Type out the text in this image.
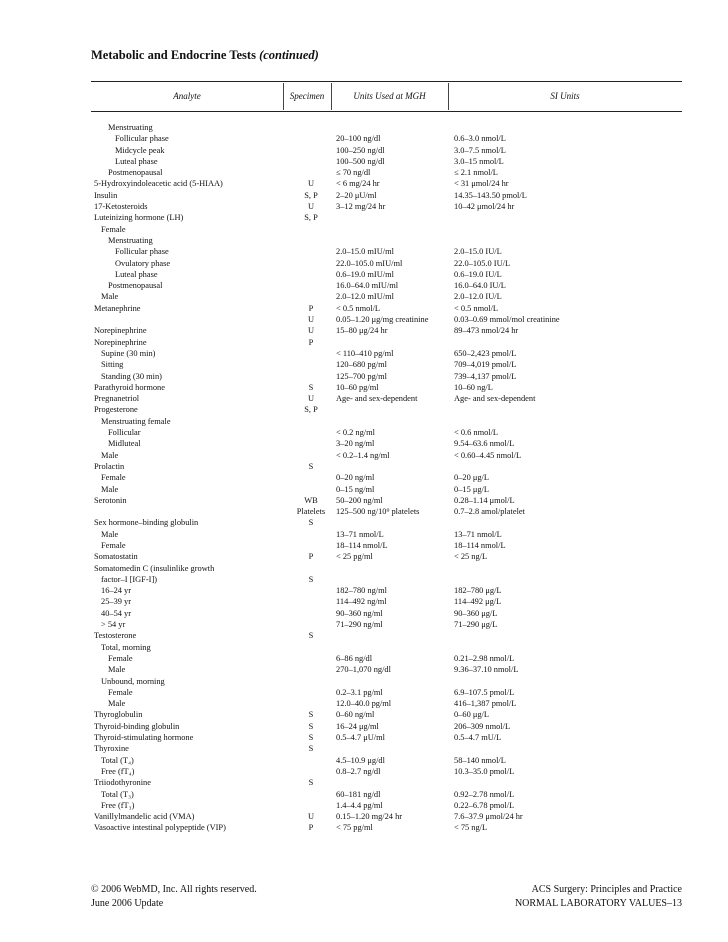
Metabolic and Endocrine Tests (continued)
Analyte	Specimen	Units Used at MGH	SI Units
Menstruating
Follicular phase	20–100 ng/dl	0.6–3.0 nmol/L
Midcycle peak	100–250 ng/dl	3.0–7.5 nmol/L
Luteal phase	100–500 ng/dl	3.0–15 nmol/L
Postmenopausal	≤ 70 ng/dl	≤ 2.1 nmol/L
5-Hydroxyindoleacetic acid (5-HIAA)	U	< 6 mg/24 hr	< 31 μmol/24 hr
Insulin	S, P	2–20 μU/ml	14.35–143.50 pmol/L
17-Ketosteroids	U	3–12 mg/24 hr	10–42 μmol/24 hr
Luteinizing hormone (LH)	S, P
Female
Menstruating
Follicular phase	2.0–15.0 mIU/ml	2.0–15.0 IU/L
Ovulatory phase	22.0–105.0 mIU/ml	22.0–105.0 IU/L
Luteal phase	0.6–19.0 mIU/ml	0.6–19.0 IU/L
Postmenopausal	16.0–64.0 mIU/ml	16.0–64.0 IU/L
Male	2.0–12.0 mIU/ml	2.0–12.0 IU/L
Metanephrine	P	< 0.5 nmol/L	< 0.5 nmol/L
U	0.05–1.20 μg/mg creatinine	0.03–0.69 mmol/mol creatinine
Norepinephrine	U	15–80 μg/24 hr	89–473 nmol/24 hr
Norepinephrine	P
Supine (30 min)	< 110–410 pg/ml	650–2,423 pmol/L
Sitting	120–680 pg/ml	709–4,019 pmol/L
Standing (30 min)	125–700 pg/ml	739–4,137 pmol/L
Parathyroid hormone	S	10–60 pg/ml	10–60 ng/L
Pregnanetriol	U	Age- and sex-dependent	Age- and sex-dependent
Progesterone	S, P
Menstruating female
Follicular	< 0.2 ng/ml	< 0.6 nmol/L
Midluteal	3–20 ng/ml	9.54–63.6 nmol/L
Male	< 0.2–1.4 ng/ml	< 0.60–4.45 nmol/L
Prolactin	S
Female	0–20 ng/ml	0–20 μg/L
Male	0–15 ng/ml	0–15 μg/L
Serotonin	WB	50–200 ng/ml	0.28–1.14 μmol/L
Platelets	125–500 ng/10⁹ platelets	0.7–2.8 amol/platelet
Sex hormone–binding globulin	S
Male	13–71 nmol/L	13–71 nmol/L
Female	18–114 nmol/L	18–114 nmol/L
Somatostatin	P	< 25 pg/ml	< 25 ng/L
Somatomedin C (insulinlike growth
factor–I [IGF-I])	S
16–24 yr	182–780 ng/ml	182–780 μg/L
25–39 yr	114–492 ng/ml	114–492 μg/L
40–54 yr	90–360 ng/ml	90–360 μg/L
> 54 yr	71–290 ng/ml	71–290 μg/L
Testosterone	S
Total, morning
Female	6–86 ng/dl	0.21–2.98 nmol/L
Male	270–1,070 ng/dl	9.36–37.10 nmol/L
Unbound, morning
Female	0.2–3.1 pg/ml	6.9–107.5 pmol/L
Male	12.0–40.0 pg/ml	416–1,387 pmol/L
Thyroglobulin	S	0–60 ng/ml	0–60 μg/L
Thyroid-binding globulin	S	16–24 μg/ml	206–309 nmol/L
Thyroid-stimulating hormone	S	0.5–4.7 μU/ml	0.5–4.7 mU/L
Thyroxine	S
Total (T₄)	4.5–10.9 μg/dl	58–140 nmol/L
Free (fT₄)	0.8–2.7 ng/dl	10.3–35.0 pmol/L
Triiodothyronine	S
Total (T₃)	60–181 ng/dl	0.92–2.78 nmol/L
Free (fT₃)	1.4–4.4 pg/ml	0.22–6.78 pmol/L
Vanillylmandelic acid (VMA)	U	0.15–1.20 mg/24 hr	7.6–37.9 μmol/24 hr
Vasoactive intestinal polypeptide (VIP)	P	< 75 pg/ml	< 75 ng/L
© 2006 WebMD, Inc. All rights reserved.
June 2006 Update
ACS Surgery: Principles and Practice
NORMAL LABORATORY VALUES–13
